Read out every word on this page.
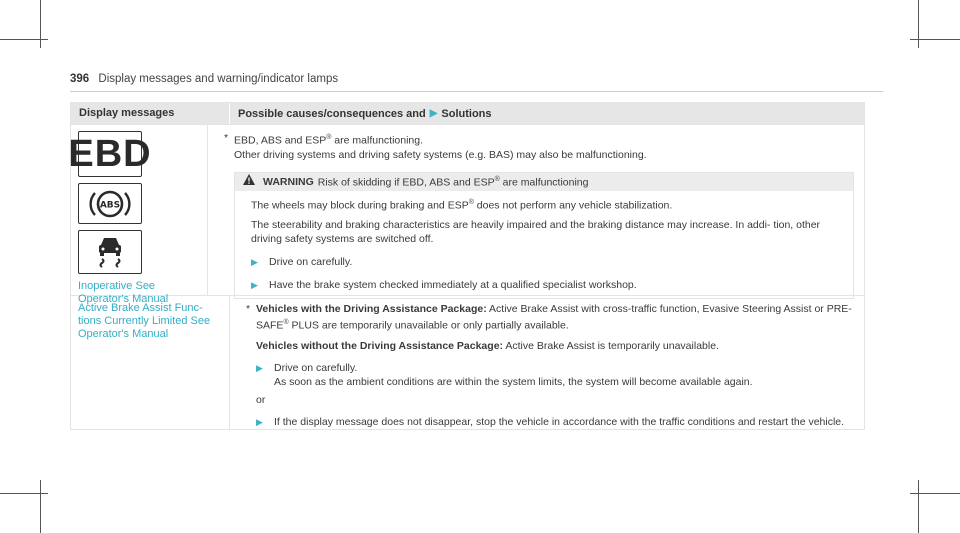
396 Display messages and warning/indicator lamps
Display messages	Possible causes/consequences and ▶ Solutions
EBD
ABS
Inoperative See Operator's Manual
* EBD, ABS and ESP® are malfunctioning.
Other driving systems and driving safety systems (e.g. BAS) may also be malfunctioning.
WARNING Risk of skidding if EBD, ABS and ESP® are malfunctioning

The wheels may block during braking and ESP® does not perform any vehicle stabilization.

The steerability and braking characteristics are heavily impaired and the braking distance may increase. In addi- tion, other driving safety systems are switched off.

▶	Drive on carefully.
▶	Have the brake system checked immediately at a qualified specialist workshop.
Active Brake Assist Func- tions Currently Limited See Operator's Manual
* Vehicles with the Driving Assistance Package: Active Brake Assist with cross-traffic function, Evasive Steering Assist or PRE-SAFE® PLUS are temporarily unavailable or only partially available.
Vehicles without the Driving Assistance Package: Active Brake Assist is temporarily unavailable.
▶	Drive on carefully.
As soon as the ambient conditions are within the system limits, the system will become available again.
or
▶	If the display message does not disappear, stop the vehicle in accordance with the traffic conditions and restart the vehicle.
